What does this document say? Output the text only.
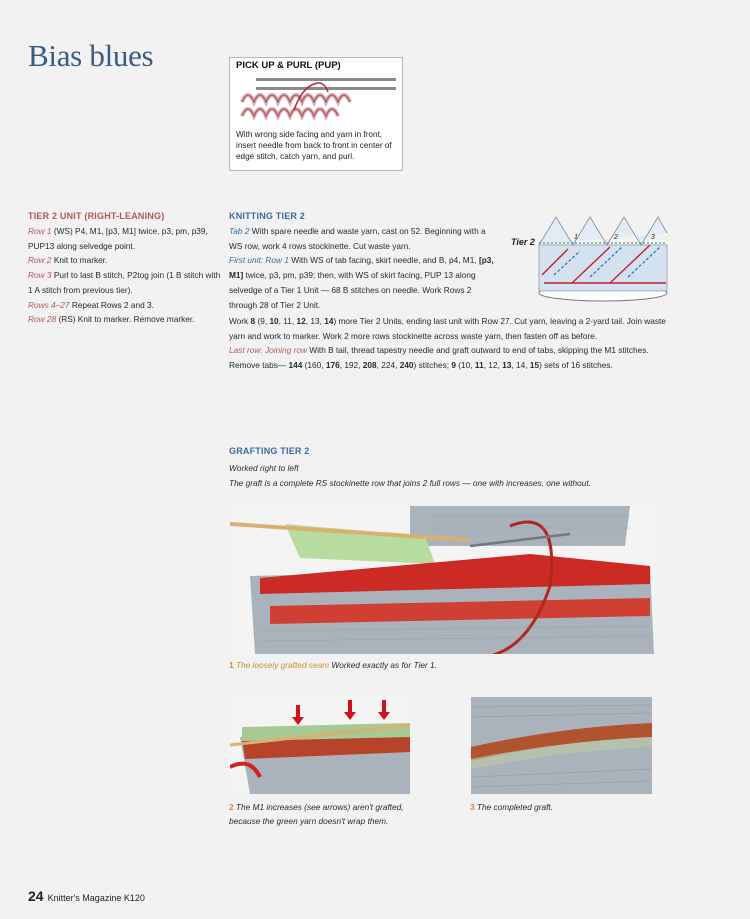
Bias blues	PICK UP & PURL (PUP)
With wrong side facing and yarn in front, insert needle from back to front in center of edge stitch, catch yarn, and purl.
TIER 2 UNIT (RIGHT-LEANING)
Row 1 (WS) P4, M1, [p3, M1] twice, p3, pm, p39, PUP13 along selvedge point.
Row 2 Knit to marker.
Row 3 Purl to last B stitch, P2tog join (1 B stitch with 1 A stitch from previous tier).
Rows 4–27 Repeat Rows 2 and 3.
Row 28 (RS) Knit to marker. Remove marker.
KNITTING TIER 2
Tab 2 With spare needle and waste yarn, cast on 52. Beginning with a WS row, work 4 rows stockinette. Cut waste yarn.
First unit: Row 1 With WS of tab facing, skirt needle, and B, p4, M1, [p3, M1] twice, p3, pm, p39; then, with WS of skirt facing, PUP 13 along selvedge of a Tier 1 Unit — 68 B stitches on needle. Work Rows 2 through 28 of Tier 2 Unit.
Work 8 (9, 10, 11, 12, 13, 14) more Tier 2 Units, ending last unit with Row 27. Cut yarn, leaving a 2-yard tail. Join waste yarn and work to marker. Work 2 more rows stockinette across waste yarn, then fasten off as before.
Last row: Joining row With B tail, thread tapestry needle and graft outward to end of tabs, skipping the M1 stitches. Remove tabs— 144 (160, 176, 192, 208, 224, 240) stitches; 9 (10, 11, 12, 13, 14, 15) sets of 16 stitches.
Tier 2	1	2	3
GRAFTING TIER 2
Worked right to left
The graft is a complete RS stockinette row that joins 2 full rows — one with increases, one without.
1 The loosely grafted seam Worked exactly as for Tier 1.
2 The M1 increases (see arrows) aren't grafted, because the green yarn doesn't wrap them.
3 The completed graft.
24 Knitter's Magazine K120
